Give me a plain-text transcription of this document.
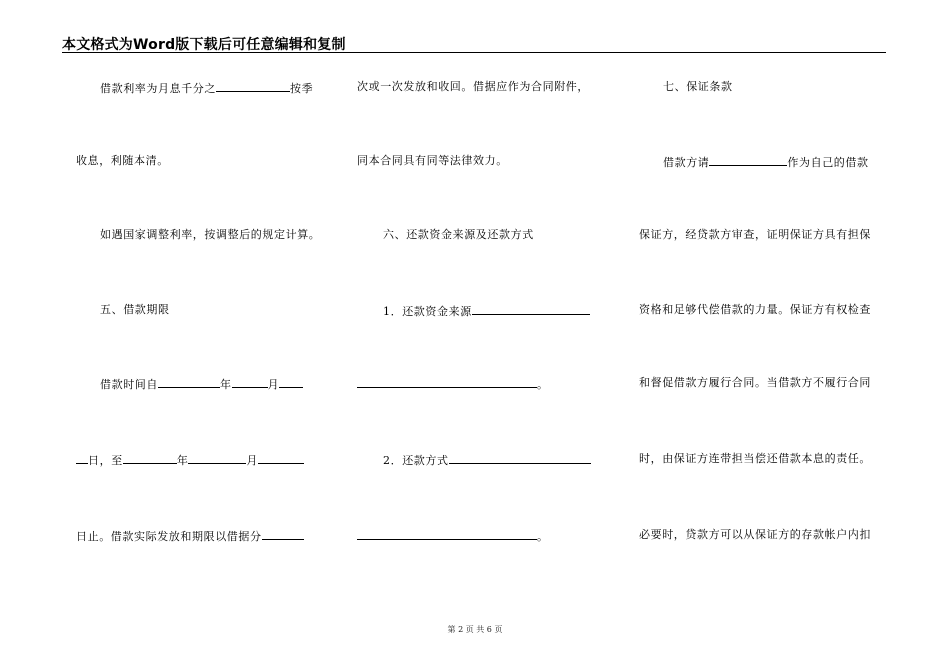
本文格式为Word版下载后可任意编辑和复制
借款利率为月息千分之	按季
收息，利随本清。
如遇国家调整利率，按调整后的规定计算。
五、借款期限
借款时间自	年	月
日，至	年	月
日止。借款实际发放和期限以借据分
次或一次发放和收回。借据应作为合同附件，
同本合同具有同等法律效力。
六、还款资金来源及还款方式
1．还款资金来源
。
2．还款方式
。
七、保证条款
借款方请	作为自己的借款
保证方，经贷款方审查，证明保证方具有担保
资格和足够代偿借款的力量。保证方有权检查
和督促借款方履行合同。当借款方不履行合同
时，由保证方连带担当偿还借款本息的责任。
必要时，贷款方可以从保证方的存款帐户内扣
第 2 页 共 6 页
